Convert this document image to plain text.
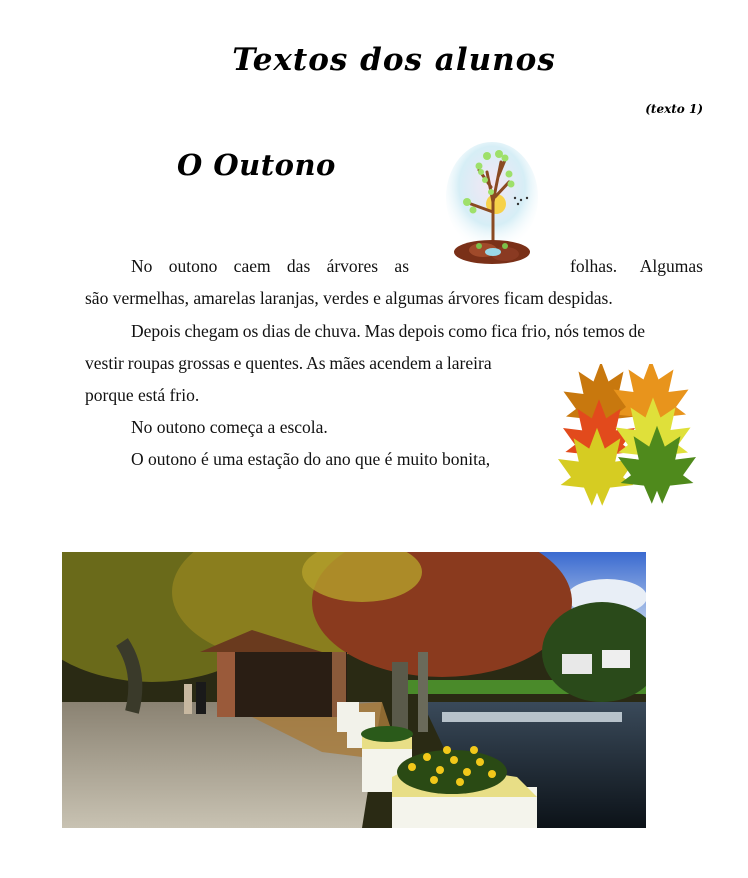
Textos dos alunos
(texto 1)
O Outono
No outono caem das árvores as	folhas. Algumas
são vermelhas, amarelas laranjas, verdes e algumas árvores ficam despidas.
Depois chegam os dias de chuva. Mas depois como fica frio, nós temos de
vestir roupas grossas e quentes. As mães acendem a lareira
porque está frio.
No outono começa a escola.
O outono é uma estação do ano que é muito bonita,
